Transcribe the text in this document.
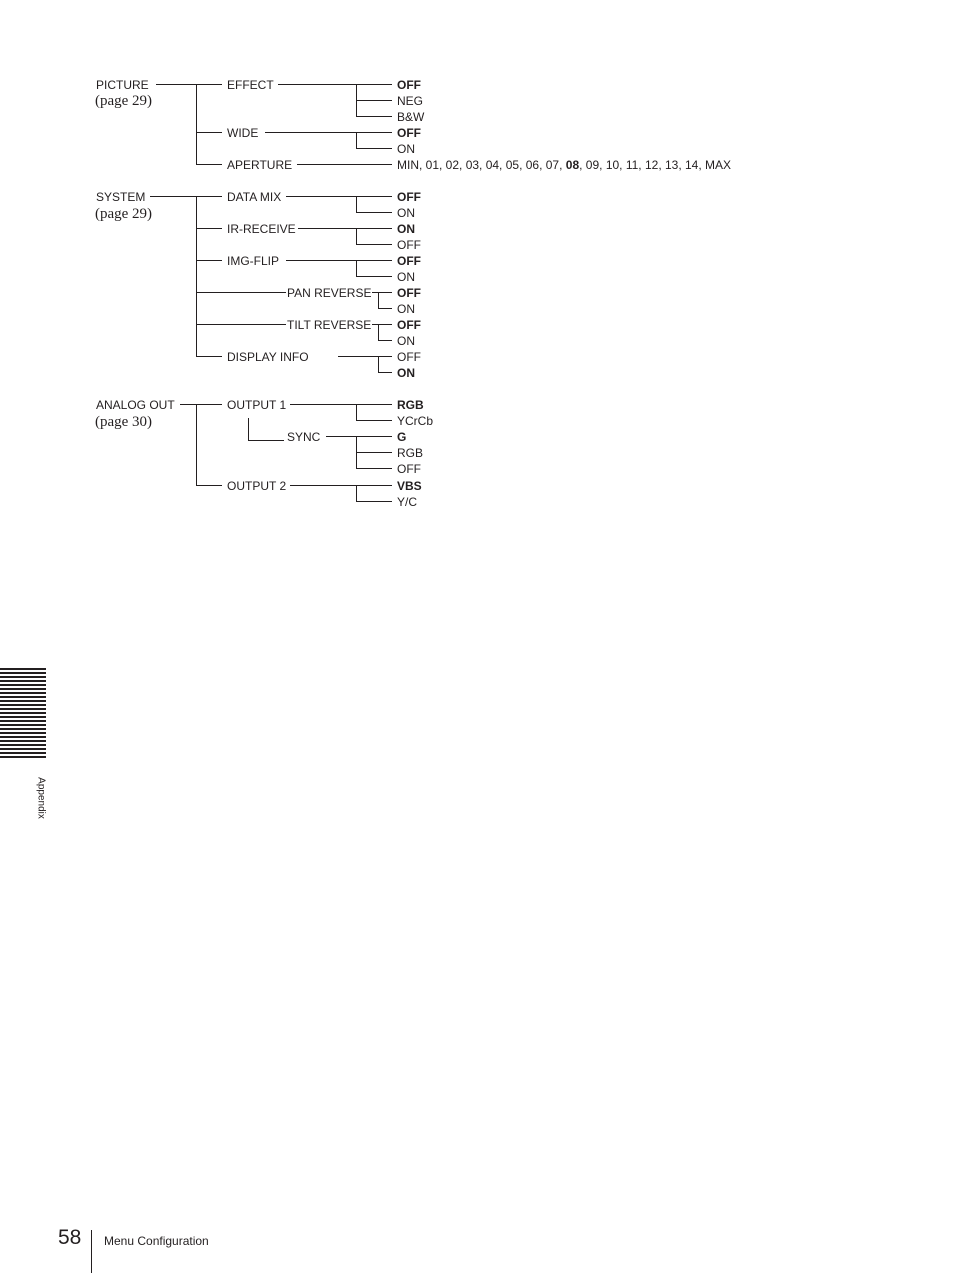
PICTURE
(page 29)
EFFECT	OFF
NEG
B&W
WIDE	OFF
ON
APERTURE	MIN, 01, 02, 03, 04, 05, 06, 07, 08, 09, 10, 11, 12, 13, 14, MAX
SYSTEM
(page 29)
DATA MIX	OFF
ON
IR-RECEIVE	ON
OFF
IMG-FLIP	OFF
ON
PAN REVERSE OFF
ON
TILT REVERSE OFF
ON
DISPLAY INFO	OFF
ON
ANALOG OUT
(page 30)
OUTPUT 1	RGB
YCrCb
SYNC	G
RGB
OFF
OUTPUT 2	VBS
Y/C
Appendix
58 Menu Configuration
